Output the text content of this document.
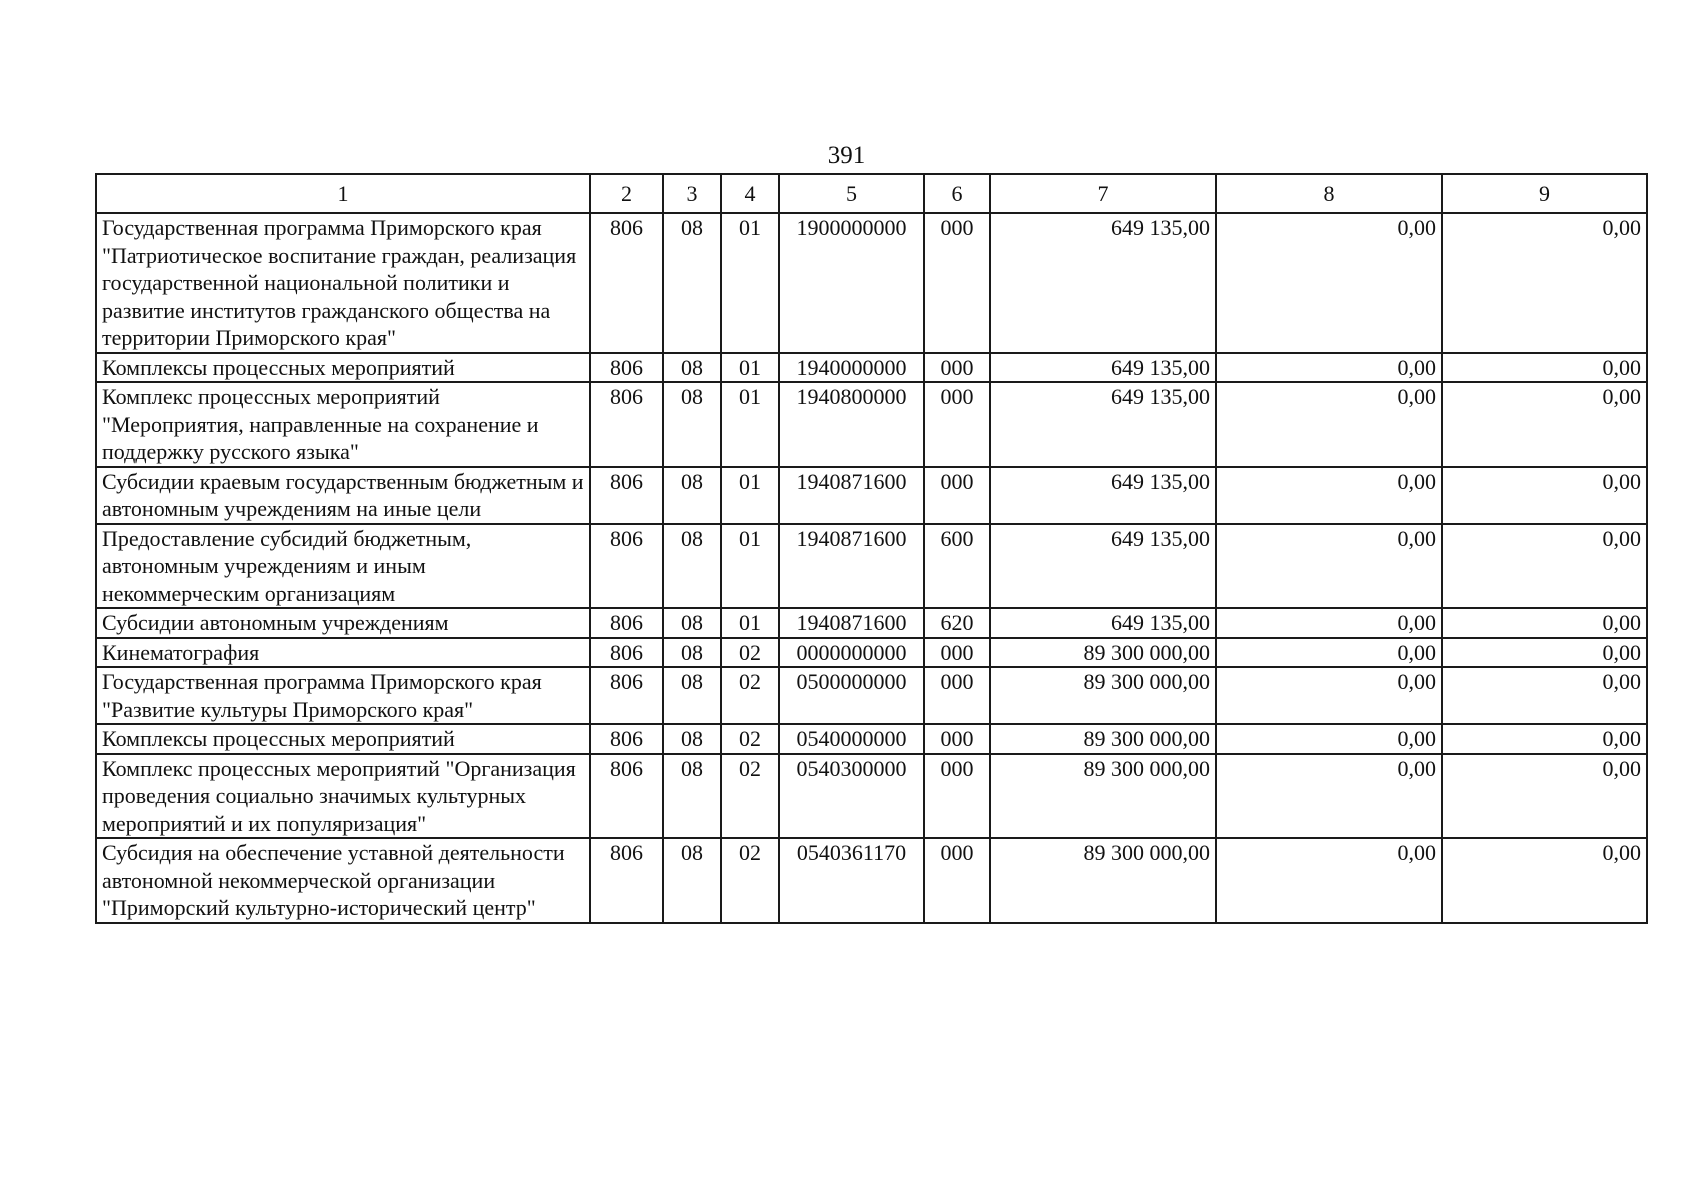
391
1	2	3	4	5	6	7	8	9
Государственная программа Приморского края "Патриотическое воспитание граждан, реализация государственной национальной политики и развитие институтов гражданского общества на территории Приморского края"	806	08	01	1900000000	000	649 135,00	0,00	0,00
Комплексы процессных мероприятий	806	08	01	1940000000	000	649 135,00	0,00	0,00
Комплекс процессных мероприятий "Мероприятия, направленные на сохранение и поддержку русского языка"	806	08	01	1940800000	000	649 135,00	0,00	0,00
Субсидии краевым государственным бюджетным и автономным учреждениям на иные цели	806	08	01	1940871600	000	649 135,00	0,00	0,00
Предоставление субсидий бюджетным, автономным учреждениям и иным некоммерческим организациям	806	08	01	1940871600	600	649 135,00	0,00	0,00
Субсидии автономным учреждениям	806	08	01	1940871600	620	649 135,00	0,00	0,00
Кинематография	806	08	02	0000000000	000	89 300 000,00	0,00	0,00
Государственная программа Приморского края "Развитие культуры Приморского края"	806	08	02	0500000000	000	89 300 000,00	0,00	0,00
Комплексы процессных мероприятий	806	08	02	0540000000	000	89 300 000,00	0,00	0,00
Комплекс процессных мероприятий "Организация проведения социально значимых культурных мероприятий и их популяризация"	806	08	02	0540300000	000	89 300 000,00	0,00	0,00
Субсидия на обеспечение уставной деятельности автономной некоммерческой организации "Приморский культурно-исторический центр"	806	08	02	0540361170	000	89 300 000,00	0,00	0,00
